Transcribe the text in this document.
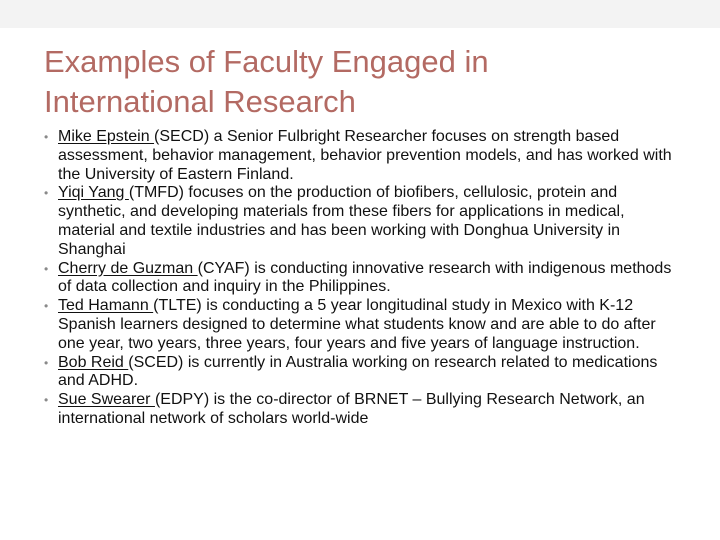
Examples of Faculty Engaged in
International Research
• Mike Epstein (SECD) a Senior Fulbright Researcher focuses on strength based assessment, behavior management, behavior prevention models, and has worked with the University of Eastern Finland.
• Yiqi Yang (TMFD) focuses on the production of biofibers, cellulosic, protein and synthetic, and developing materials from these fibers for applications in medical, material and textile industries and has been working with Donghua University in Shanghai
• Cherry de Guzman (CYAF) is conducting innovative research with indigenous methods of data collection and inquiry in the Philippines.
• Ted Hamann (TLTE) is conducting a 5 year longitudinal study in Mexico with K-12 Spanish learners designed to determine what students know and are able to do after one year, two years, three years, four years and five years of language instruction.
• Bob Reid (SCED) is currently in Australia working on research related to medications and ADHD.
• Sue Swearer (EDPY) is the co-director of BRNET – Bullying Research Network, an international network of scholars world-wide
